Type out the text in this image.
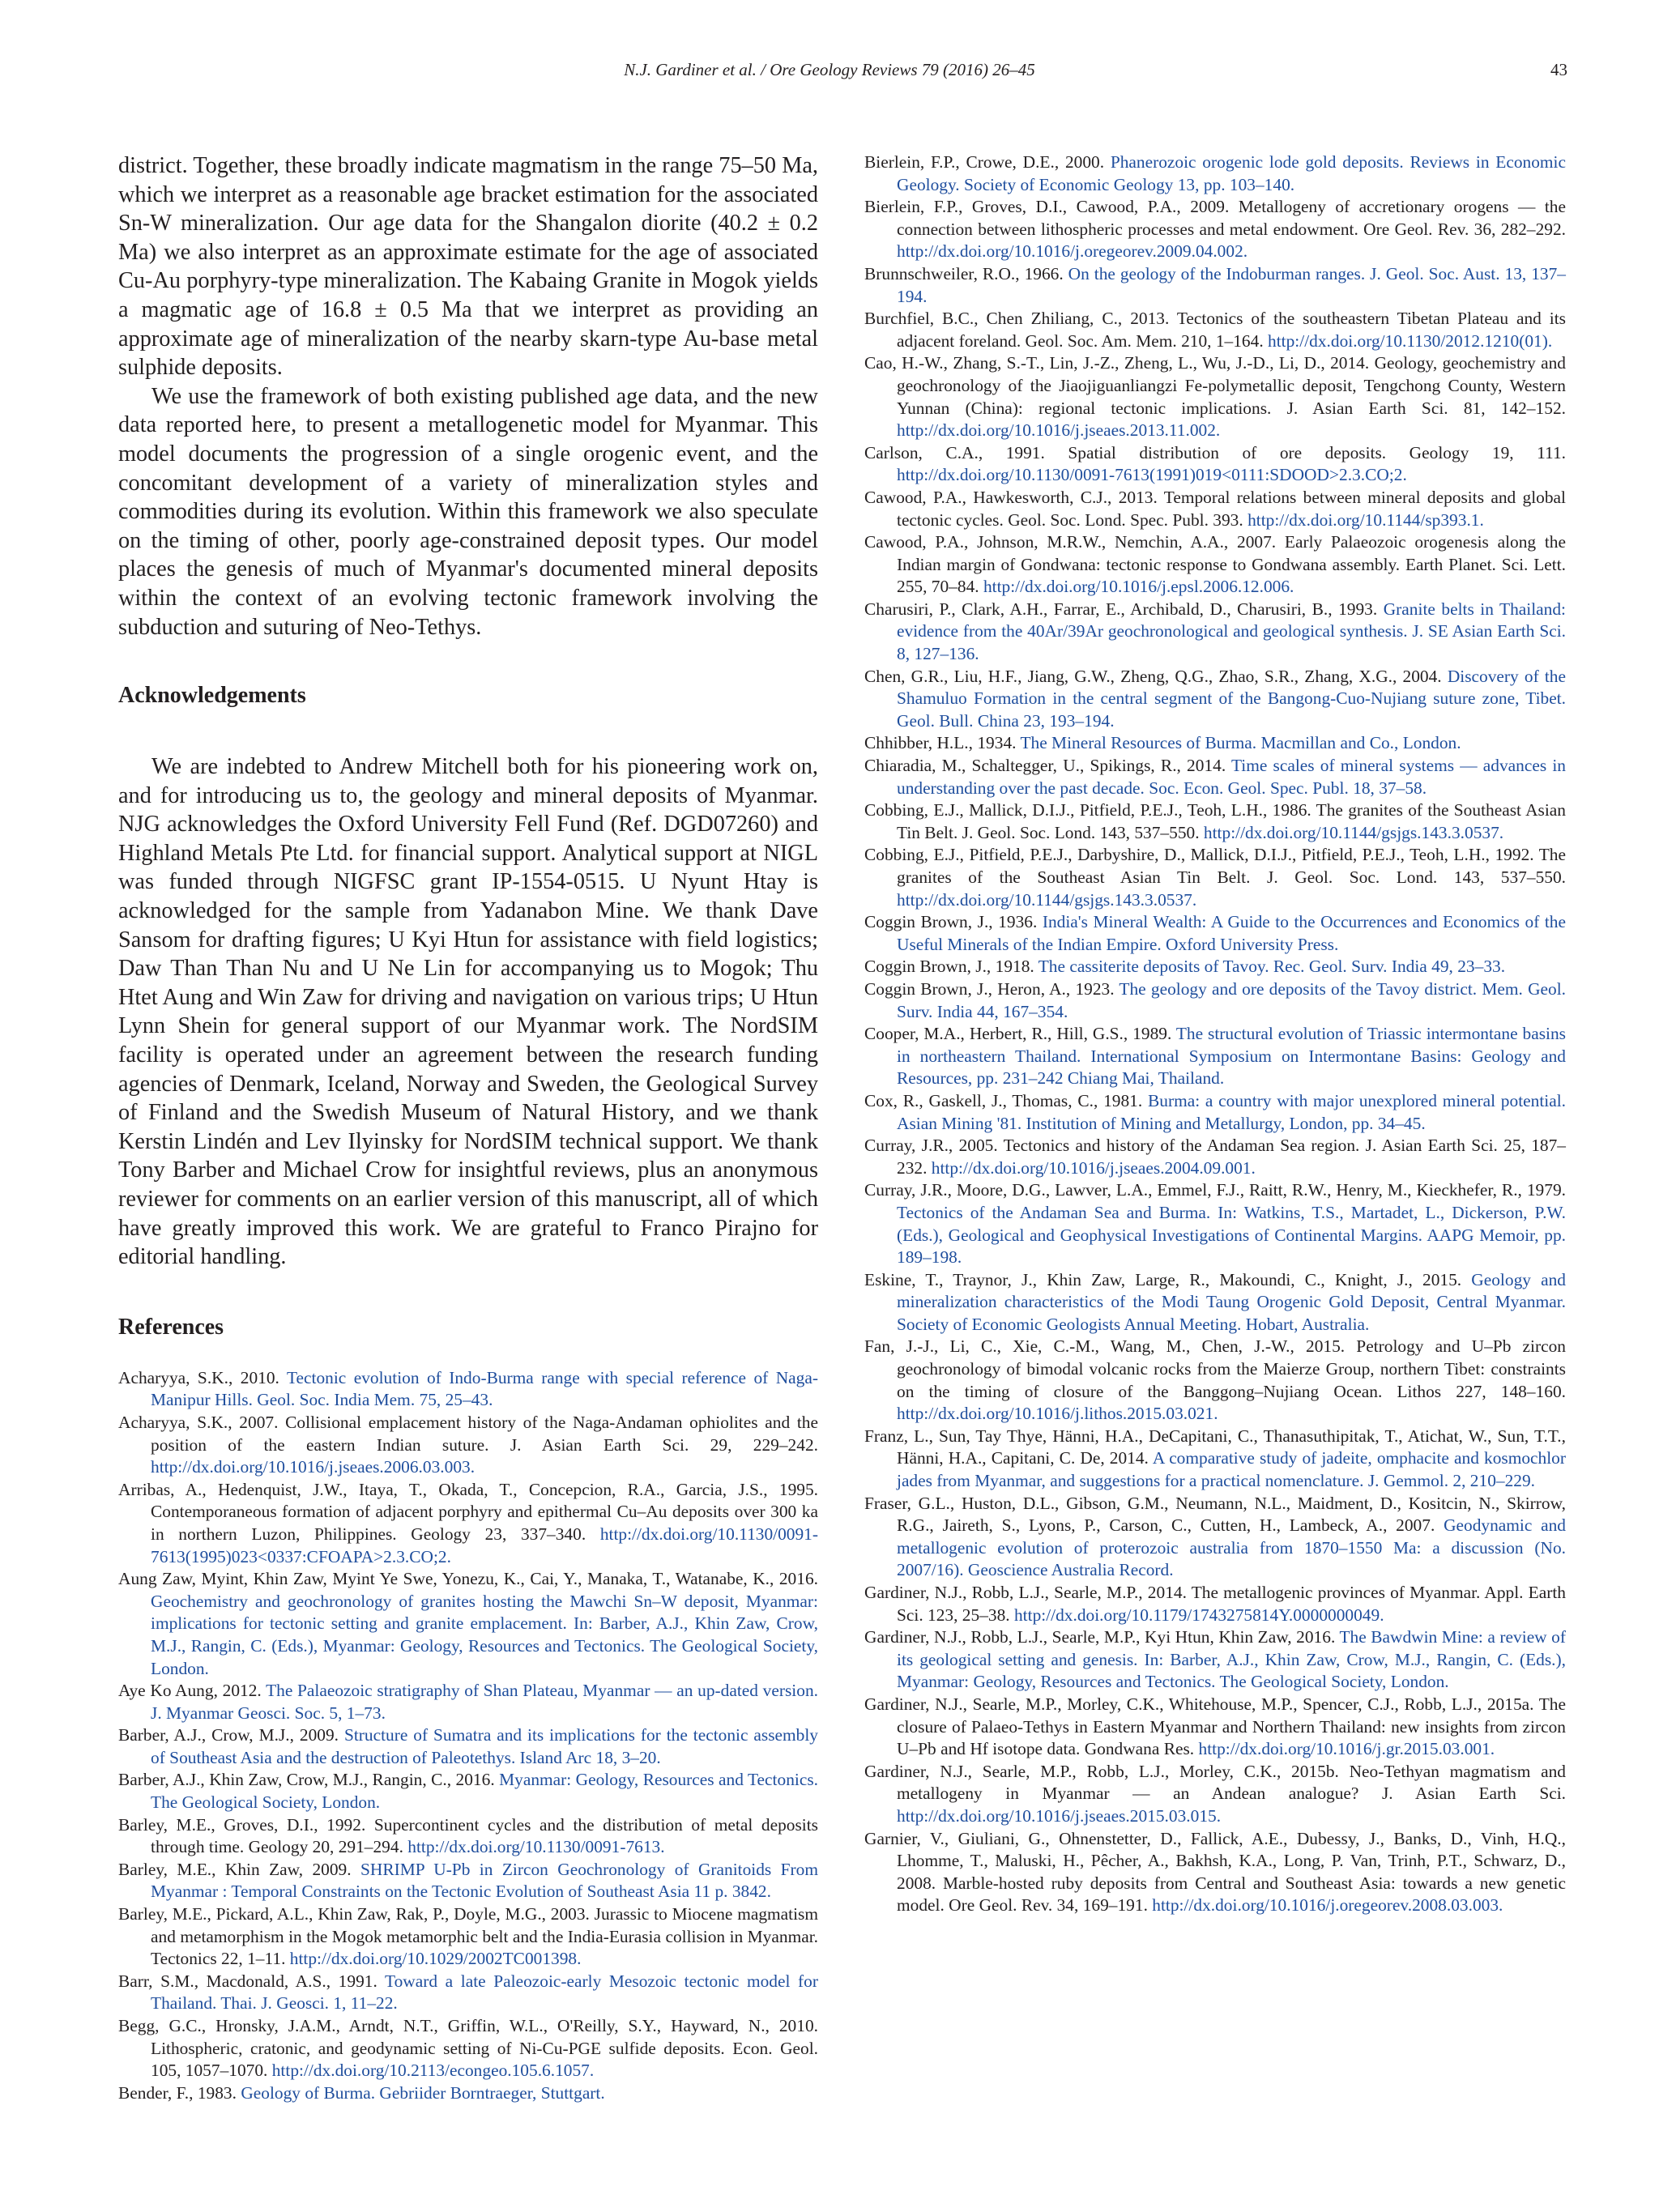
N.J. Gardiner et al. / Ore Geology Reviews 79 (2016) 26–45	43

district. Together, these broadly indicate magmatism in the range 75–50 Ma, which we interpret as a reasonable age bracket estimation for the associated Sn-W mineralization. Our age data for the Shangalon diorite (40.2 ± 0.2 Ma) we also interpret as an approximate estimate for the age of associated Cu-Au porphyry-type mineralization. The Kabaing Granite in Mogok yields a magmatic age of 16.8 ± 0.5 Ma that we interpret as providing an approximate age of mineralization of the nearby skarn-type Au-base metal sulphide deposits.

We use the framework of both existing published age data, and the new data reported here, to present a metallogenetic model for Myanmar. This model documents the progression of a single orogenic event, and the concomitant development of a variety of mineralization styles and commodities during its evolution. Within this framework we also speculate on the timing of other, poorly age-constrained deposit types. Our model places the genesis of much of Myanmar's documented mineral deposits within the context of an evolving tectonic framework involving the subduction and suturing of Neo-Tethys.

Acknowledgements

We are indebted to Andrew Mitchell both for his pioneering work on, and for introducing us to, the geology and mineral deposits of Myanmar. NJG acknowledges the Oxford University Fell Fund (Ref. DGD07260) and Highland Metals Pte Ltd. for financial support. Analytical support at NIGL was funded through NIGFSC grant IP-1554-0515. U Nyunt Htay is acknowledged for the sample from Yadanabon Mine. We thank Dave Sansom for drafting figures; U Kyi Htun for assistance with field logistics; Daw Than Than Nu and U Ne Lin for accompanying us to Mogok; Thu Htet Aung and Win Zaw for driving and navigation on various trips; U Htun Lynn Shein for general support of our Myanmar work. The NordSIM facility is operated under an agreement between the research funding agencies of Denmark, Iceland, Norway and Sweden, the Geological Survey of Finland and the Swedish Museum of Natural History, and we thank Kerstin Lindén and Lev Ilyinsky for NordSIM technical support. We thank Tony Barber and Michael Crow for insightful reviews, plus an anonymous reviewer for comments on an earlier version of this manuscript, all of which have greatly improved this work. We are grateful to Franco Pirajno for editorial handling.

References

Acharyya, S.K., 2010. Tectonic evolution of Indo-Burma range with special reference of Naga-Manipur Hills. Geol. Soc. India Mem. 75, 25–43.

Acharyya, S.K., 2007. Collisional emplacement history of the Naga-Andaman ophiolites and the position of the eastern Indian suture. J. Asian Earth Sci. 29, 229–242. http://dx.doi.org/10.1016/j.jseaes.2006.03.003.

Arribas, A., Hedenquist, J.W., Itaya, T., Okada, T., Concepcion, R.A., Garcia, J.S., 1995. Contemporaneous formation of adjacent porphyry and epithermal Cu–Au deposits over 300 ka in northern Luzon, Philippines. Geology 23, 337–340. http://dx.doi.org/10.1130/0091-7613(1995)023<0337:CFOAPA>2.3.CO;2.

Aung Zaw, Myint, Khin Zaw, Myint Ye Swe, Yonezu, K., Cai, Y., Manaka, T., Watanabe, K., 2016. Geochemistry and geochronology of granites hosting the Mawchi Sn–W deposit, Myanmar: implications for tectonic setting and granite emplacement. In: Barber, A.J., Khin Zaw, Crow, M.J., Rangin, C. (Eds.), Myanmar: Geology, Resources and Tectonics. The Geological Society, London.

Aye Ko Aung, 2012. The Palaeozoic stratigraphy of Shan Plateau, Myanmar — an up-dated version. J. Myanmar Geosci. Soc. 5, 1–73.

Barber, A.J., Crow, M.J., 2009. Structure of Sumatra and its implications for the tectonic assembly of Southeast Asia and the destruction of Paleotethys. Island Arc 18, 3–20.

Barber, A.J., Khin Zaw, Crow, M.J., Rangin, C., 2016. Myanmar: Geology, Resources and Tectonics. The Geological Society, London.

Barley, M.E., Groves, D.I., 1992. Supercontinent cycles and the distribution of metal deposits through time. Geology 20, 291–294. http://dx.doi.org/10.1130/0091-7613.

Barley, M.E., Khin Zaw, 2009. SHRIMP U-Pb in Zircon Geochronology of Granitoids From Myanmar : Temporal Constraints on the Tectonic Evolution of Southeast Asia 11 p. 3842.

Barley, M.E., Pickard, A.L., Khin Zaw, Rak, P., Doyle, M.G., 2003. Jurassic to Miocene magmatism and metamorphism in the Mogok metamorphic belt and the India-Eurasia collision in Myanmar. Tectonics 22, 1–11. http://dx.doi.org/10.1029/2002TC001398.

Barr, S.M., Macdonald, A.S., 1991. Toward a late Paleozoic-early Mesozoic tectonic model for Thailand. Thai. J. Geosci. 1, 11–22.

Begg, G.C., Hronsky, J.A.M., Arndt, N.T., Griffin, W.L., O'Reilly, S.Y., Hayward, N., 2010. Lithospheric, cratonic, and geodynamic setting of Ni-Cu-PGE sulfide deposits. Econ. Geol. 105, 1057–1070. http://dx.doi.org/10.2113/econgeo.105.6.1057.

Bender, F., 1983. Geology of Burma. Gebriider Borntraeger, Stuttgart.

Bierlein, F.P., Crowe, D.E., 2000. Phanerozoic orogenic lode gold deposits. Reviews in Economic Geology. Society of Economic Geology 13, pp. 103–140.

Bierlein, F.P., Groves, D.I., Cawood, P.A., 2009. Metallogeny of accretionary orogens — the connection between lithospheric processes and metal endowment. Ore Geol. Rev. 36, 282–292. http://dx.doi.org/10.1016/j.oregeorev.2009.04.002.

Brunnschweiler, R.O., 1966. On the geology of the Indoburman ranges. J. Geol. Soc. Aust. 13, 137–194.

Burchfiel, B.C., Chen Zhiliang, C., 2013. Tectonics of the southeastern Tibetan Plateau and its adjacent foreland. Geol. Soc. Am. Mem. 210, 1–164. http://dx.doi.org/10.1130/2012.1210(01).

Cao, H.-W., Zhang, S.-T., Lin, J.-Z., Zheng, L., Wu, J.-D., Li, D., 2014. Geology, geochemistry and geochronology of the Jiaojiguanliangzi Fe-polymetallic deposit, Tengchong County, Western Yunnan (China): regional tectonic implications. J. Asian Earth Sci. 81, 142–152. http://dx.doi.org/10.1016/j.jseaes.2013.11.002.

Carlson, C.A., 1991. Spatial distribution of ore deposits. Geology 19, 111. http://dx.doi.org/10.1130/0091-7613(1991)019<0111:SDOOD>2.3.CO;2.

Cawood, P.A., Hawkesworth, C.J., 2013. Temporal relations between mineral deposits and global tectonic cycles. Geol. Soc. Lond. Spec. Publ. 393. http://dx.doi.org/10.1144/sp393.1.

Cawood, P.A., Johnson, M.R.W., Nemchin, A.A., 2007. Early Palaeozoic orogenesis along the Indian margin of Gondwana: tectonic response to Gondwana assembly. Earth Planet. Sci. Lett. 255, 70–84. http://dx.doi.org/10.1016/j.epsl.2006.12.006.

Charusiri, P., Clark, A.H., Farrar, E., Archibald, D., Charusiri, B., 1993. Granite belts in Thailand: evidence from the 40Ar/39Ar geochronological and geological synthesis. J. SE Asian Earth Sci. 8, 127–136.

Chen, G.R., Liu, H.F., Jiang, G.W., Zheng, Q.G., Zhao, S.R., Zhang, X.G., 2004. Discovery of the Shamuluo Formation in the central segment of the Bangong-Cuo-Nujiang suture zone, Tibet. Geol. Bull. China 23, 193–194.

Chhibber, H.L., 1934. The Mineral Resources of Burma. Macmillan and Co., London.

Chiaradia, M., Schaltegger, U., Spikings, R., 2014. Time scales of mineral systems — advances in understanding over the past decade. Soc. Econ. Geol. Spec. Publ. 18, 37–58.

Cobbing, E.J., Mallick, D.I.J., Pitfield, P.E.J., Teoh, L.H., 1986. The granites of the Southeast Asian Tin Belt. J. Geol. Soc. Lond. 143, 537–550. http://dx.doi.org/10.1144/gsjgs.143.3.0537.

Cobbing, E.J., Pitfield, P.E.J., Darbyshire, D., Mallick, D.I.J., Pitfield, P.E.J., Teoh, L.H., 1992. The granites of the Southeast Asian Tin Belt. J. Geol. Soc. Lond. 143, 537–550. http://dx.doi.org/10.1144/gsjgs.143.3.0537.

Coggin Brown, J., 1936. India's Mineral Wealth: A Guide to the Occurrences and Economics of the Useful Minerals of the Indian Empire. Oxford University Press.

Coggin Brown, J., 1918. The cassiterite deposits of Tavoy. Rec. Geol. Surv. India 49, 23–33.

Coggin Brown, J., Heron, A., 1923. The geology and ore deposits of the Tavoy district. Mem. Geol. Surv. India 44, 167–354.

Cooper, M.A., Herbert, R., Hill, G.S., 1989. The structural evolution of Triassic intermontane basins in northeastern Thailand. International Symposium on Intermontane Basins: Geology and Resources, pp. 231–242 Chiang Mai, Thailand.

Cox, R., Gaskell, J., Thomas, C., 1981. Burma: a country with major unexplored mineral potential. Asian Mining '81. Institution of Mining and Metallurgy, London, pp. 34–45.

Curray, J.R., 2005. Tectonics and history of the Andaman Sea region. J. Asian Earth Sci. 25, 187–232. http://dx.doi.org/10.1016/j.jseaes.2004.09.001.

Curray, J.R., Moore, D.G., Lawver, L.A., Emmel, F.J., Raitt, R.W., Henry, M., Kieckhefer, R., 1979. Tectonics of the Andaman Sea and Burma. In: Watkins, T.S., Martadet, L., Dickerson, P.W. (Eds.), Geological and Geophysical Investigations of Continental Margins. AAPG Memoir, pp. 189–198.

Eskine, T., Traynor, J., Khin Zaw, Large, R., Makoundi, C., Knight, J., 2015. Geology and mineralization characteristics of the Modi Taung Orogenic Gold Deposit, Central Myanmar. Society of Economic Geologists Annual Meeting. Hobart, Australia.

Fan, J.-J., Li, C., Xie, C.-M., Wang, M., Chen, J.-W., 2015. Petrology and U–Pb zircon geochronology of bimodal volcanic rocks from the Maierze Group, northern Tibet: constraints on the timing of closure of the Banggong–Nujiang Ocean. Lithos 227, 148–160. http://dx.doi.org/10.1016/j.lithos.2015.03.021.

Franz, L., Sun, Tay Thye, Hänni, H.A., DeCapitani, C., Thanasuthipitak, T., Atichat, W., Sun, T.T., Hänni, H.A., Capitani, C. De, 2014. A comparative study of jadeite, omphacite and kosmochlor jades from Myanmar, and suggestions for a practical nomenclature. J. Gemmol. 2, 210–229.

Fraser, G.L., Huston, D.L., Gibson, G.M., Neumann, N.L., Maidment, D., Kositcin, N., Skirrow, R.G., Jaireth, S., Lyons, P., Carson, C., Cutten, H., Lambeck, A., 2007. Geodynamic and metallogenic evolution of proterozoic australia from 1870–1550 Ma: a discussion (No. 2007/16). Geoscience Australia Record.

Gardiner, N.J., Robb, L.J., Searle, M.P., 2014. The metallogenic provinces of Myanmar. Appl. Earth Sci. 123, 25–38. http://dx.doi.org/10.1179/1743275814Y.0000000049.

Gardiner, N.J., Robb, L.J., Searle, M.P., Kyi Htun, Khin Zaw, 2016. The Bawdwin Mine: a review of its geological setting and genesis. In: Barber, A.J., Khin Zaw, Crow, M.J., Rangin, C. (Eds.), Myanmar: Geology, Resources and Tectonics. The Geological Society, London.

Gardiner, N.J., Searle, M.P., Morley, C.K., Whitehouse, M.P., Spencer, C.J., Robb, L.J., 2015a. The closure of Palaeo-Tethys in Eastern Myanmar and Northern Thailand: new insights from zircon U–Pb and Hf isotope data. Gondwana Res. http://dx.doi.org/10.1016/j.gr.2015.03.001.

Gardiner, N.J., Searle, M.P., Robb, L.J., Morley, C.K., 2015b. Neo-Tethyan magmatism and metallogeny in Myanmar — an Andean analogue? J. Asian Earth Sci. http://dx.doi.org/10.1016/j.jseaes.2015.03.015.

Garnier, V., Giuliani, G., Ohnenstetter, D., Fallick, A.E., Dubessy, J., Banks, D., Vinh, H.Q., Lhomme, T., Maluski, H., Pêcher, A., Bakhsh, K.A., Long, P. Van, Trinh, P.T., Schwarz, D., 2008. Marble-hosted ruby deposits from Central and Southeast Asia: towards a new genetic model. Ore Geol. Rev. 34, 169–191. http://dx.doi.org/10.1016/j.oregeorev.2008.03.003.
